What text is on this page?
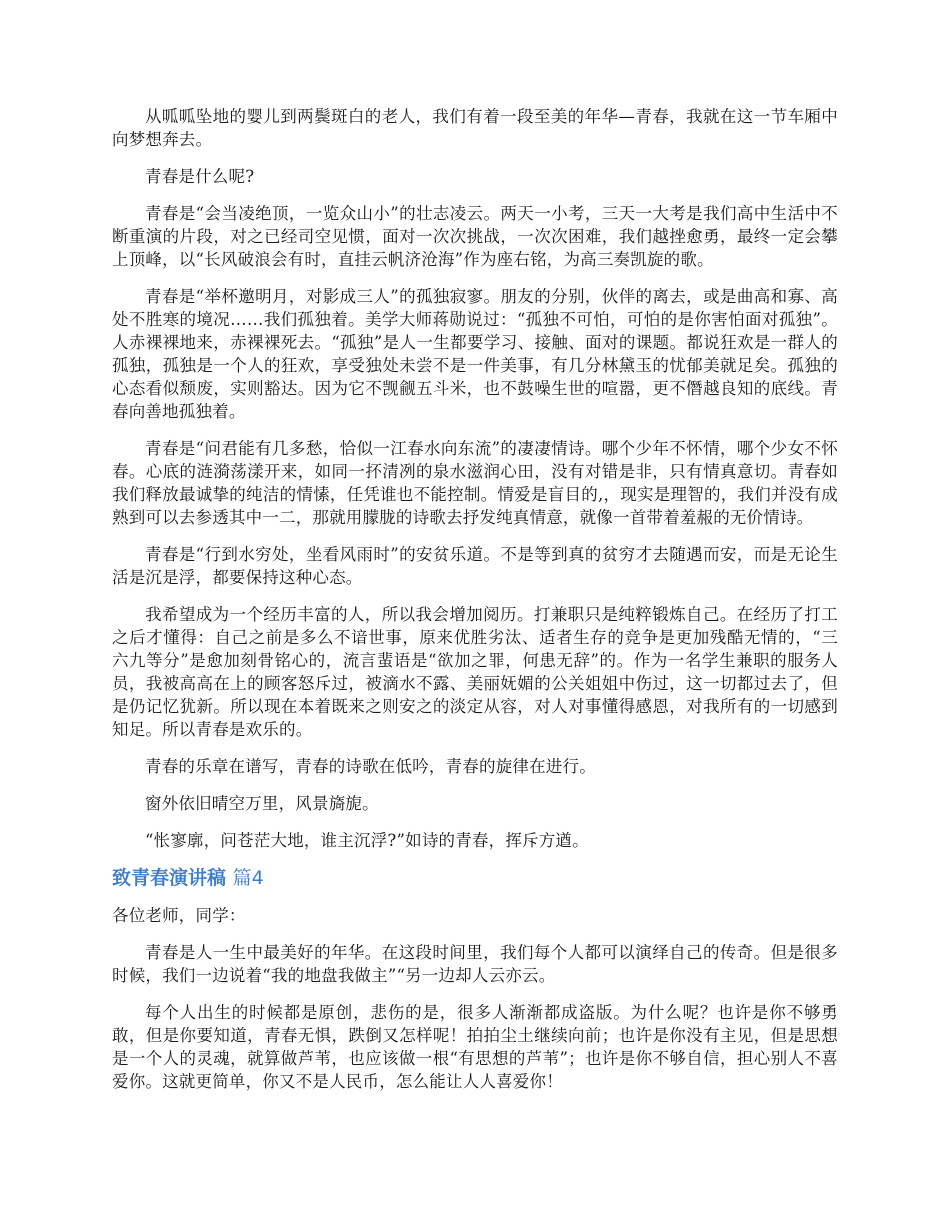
从呱呱坠地的婴儿到两鬓斑白的老人，我们有着一段至美的年华—青春，我就在这一节车厢中向梦想奔去。

青春是什么呢?

青春是“会当凌绝顶，一览众山小”的壮志凌云。两天一小考，三天一大考是我们高中生活中不断重演的片段，对之已经司空见惯，面对一次次挑战，一次次困难，我们越挫愈勇，最终一定会攀上顶峰，以“长风破浪会有时，直挂云帆济沧海”作为座右铭，为高三奏凯旋的歌。

青春是“举杯邀明月，对影成三人”的孤独寂寥。朋友的分别，伙伴的离去，或是曲高和寡、高处不胜寒的境况……我们孤独着。美学大师蒋勋说过：“孤独不可怕，可怕的是你害怕面对孤独”。人赤裸裸地来，赤裸裸死去。“孤独”是人一生都要学习、接触、面对的课题。都说狂欢是一群人的孤独，孤独是一个人的狂欢，享受独处未尝不是一件美事，有几分林黛玉的忧郁美就足矣。孤独的心态看似颓废，实则豁达。因为它不觊觎五斗米，也不鼓噪生世的喧嚣，更不僭越良知的底线。青春向善地孤独着。

青春是“问君能有几多愁，恰似一江春水向东流”的凄凄情诗。哪个少年不怀情，哪个少女不怀春。心底的涟漪荡漾开来，如同一抔清冽的泉水滋润心田，没有对错是非，只有情真意切。青春如我们释放最诚挚的纯洁的情愫，任凭谁也不能控制。情爱是盲目的,，现实是理智的，我们并没有成熟到可以去参透其中一二，那就用朦胧的诗歌去抒发纯真情意，就像一首带着羞赧的无价情诗。

青春是“行到水穷处，坐看风雨时”的安贫乐道。不是等到真的贫穷才去随遇而安，而是无论生活是沉是浮，都要保持这种心态。

我希望成为一个经历丰富的人，所以我会增加阅历。打兼职只是纯粹锻炼自己。在经历了打工之后才懂得：自己之前是多么不谙世事，原来优胜劣汰、适者生存的竞争是更加残酷无情的，“三六九等分”是愈加刻骨铭心的，流言蜚语是“欲加之罪，何患无辞”的。作为一名学生兼职的服务人员，我被高高在上的顾客怒斥过，被滴水不露、美丽妩媚的公关姐姐中伤过，这一切都过去了，但是仍记忆犹新。所以现在本着既来之则安之的淡定从容，对人对事懂得感恩，对我所有的一切感到知足。所以青春是欢乐的。

青春的乐章在谱写，青春的诗歌在低吟，青春的旋律在进行。

窗外依旧晴空万里，风景旖旎。

“怅寥廓，问苍茫大地，谁主沉浮?”如诗的青春，挥斥方遒。

致青春演讲稿 篇4

各位老师，同学：

青春是人一生中最美好的年华。在这段时间里，我们每个人都可以演绎自己的传奇。但是很多时候，我们一边说着“我的地盘我做主”“另一边却人云亦云。

每个人出生的时候都是原创，悲伤的是，很多人渐渐都成盗版。为什么呢？也许是你不够勇敢，但是你要知道，青春无惧，跌倒又怎样呢！拍拍尘土继续向前；也许是你没有主见，但是思想是一个人的灵魂，就算做芦苇，也应该做一根“有思想的芦苇”；也许是你不够自信，担心别人不喜爱你。这就更简单，你又不是人民币，怎么能让人人喜爱你！
